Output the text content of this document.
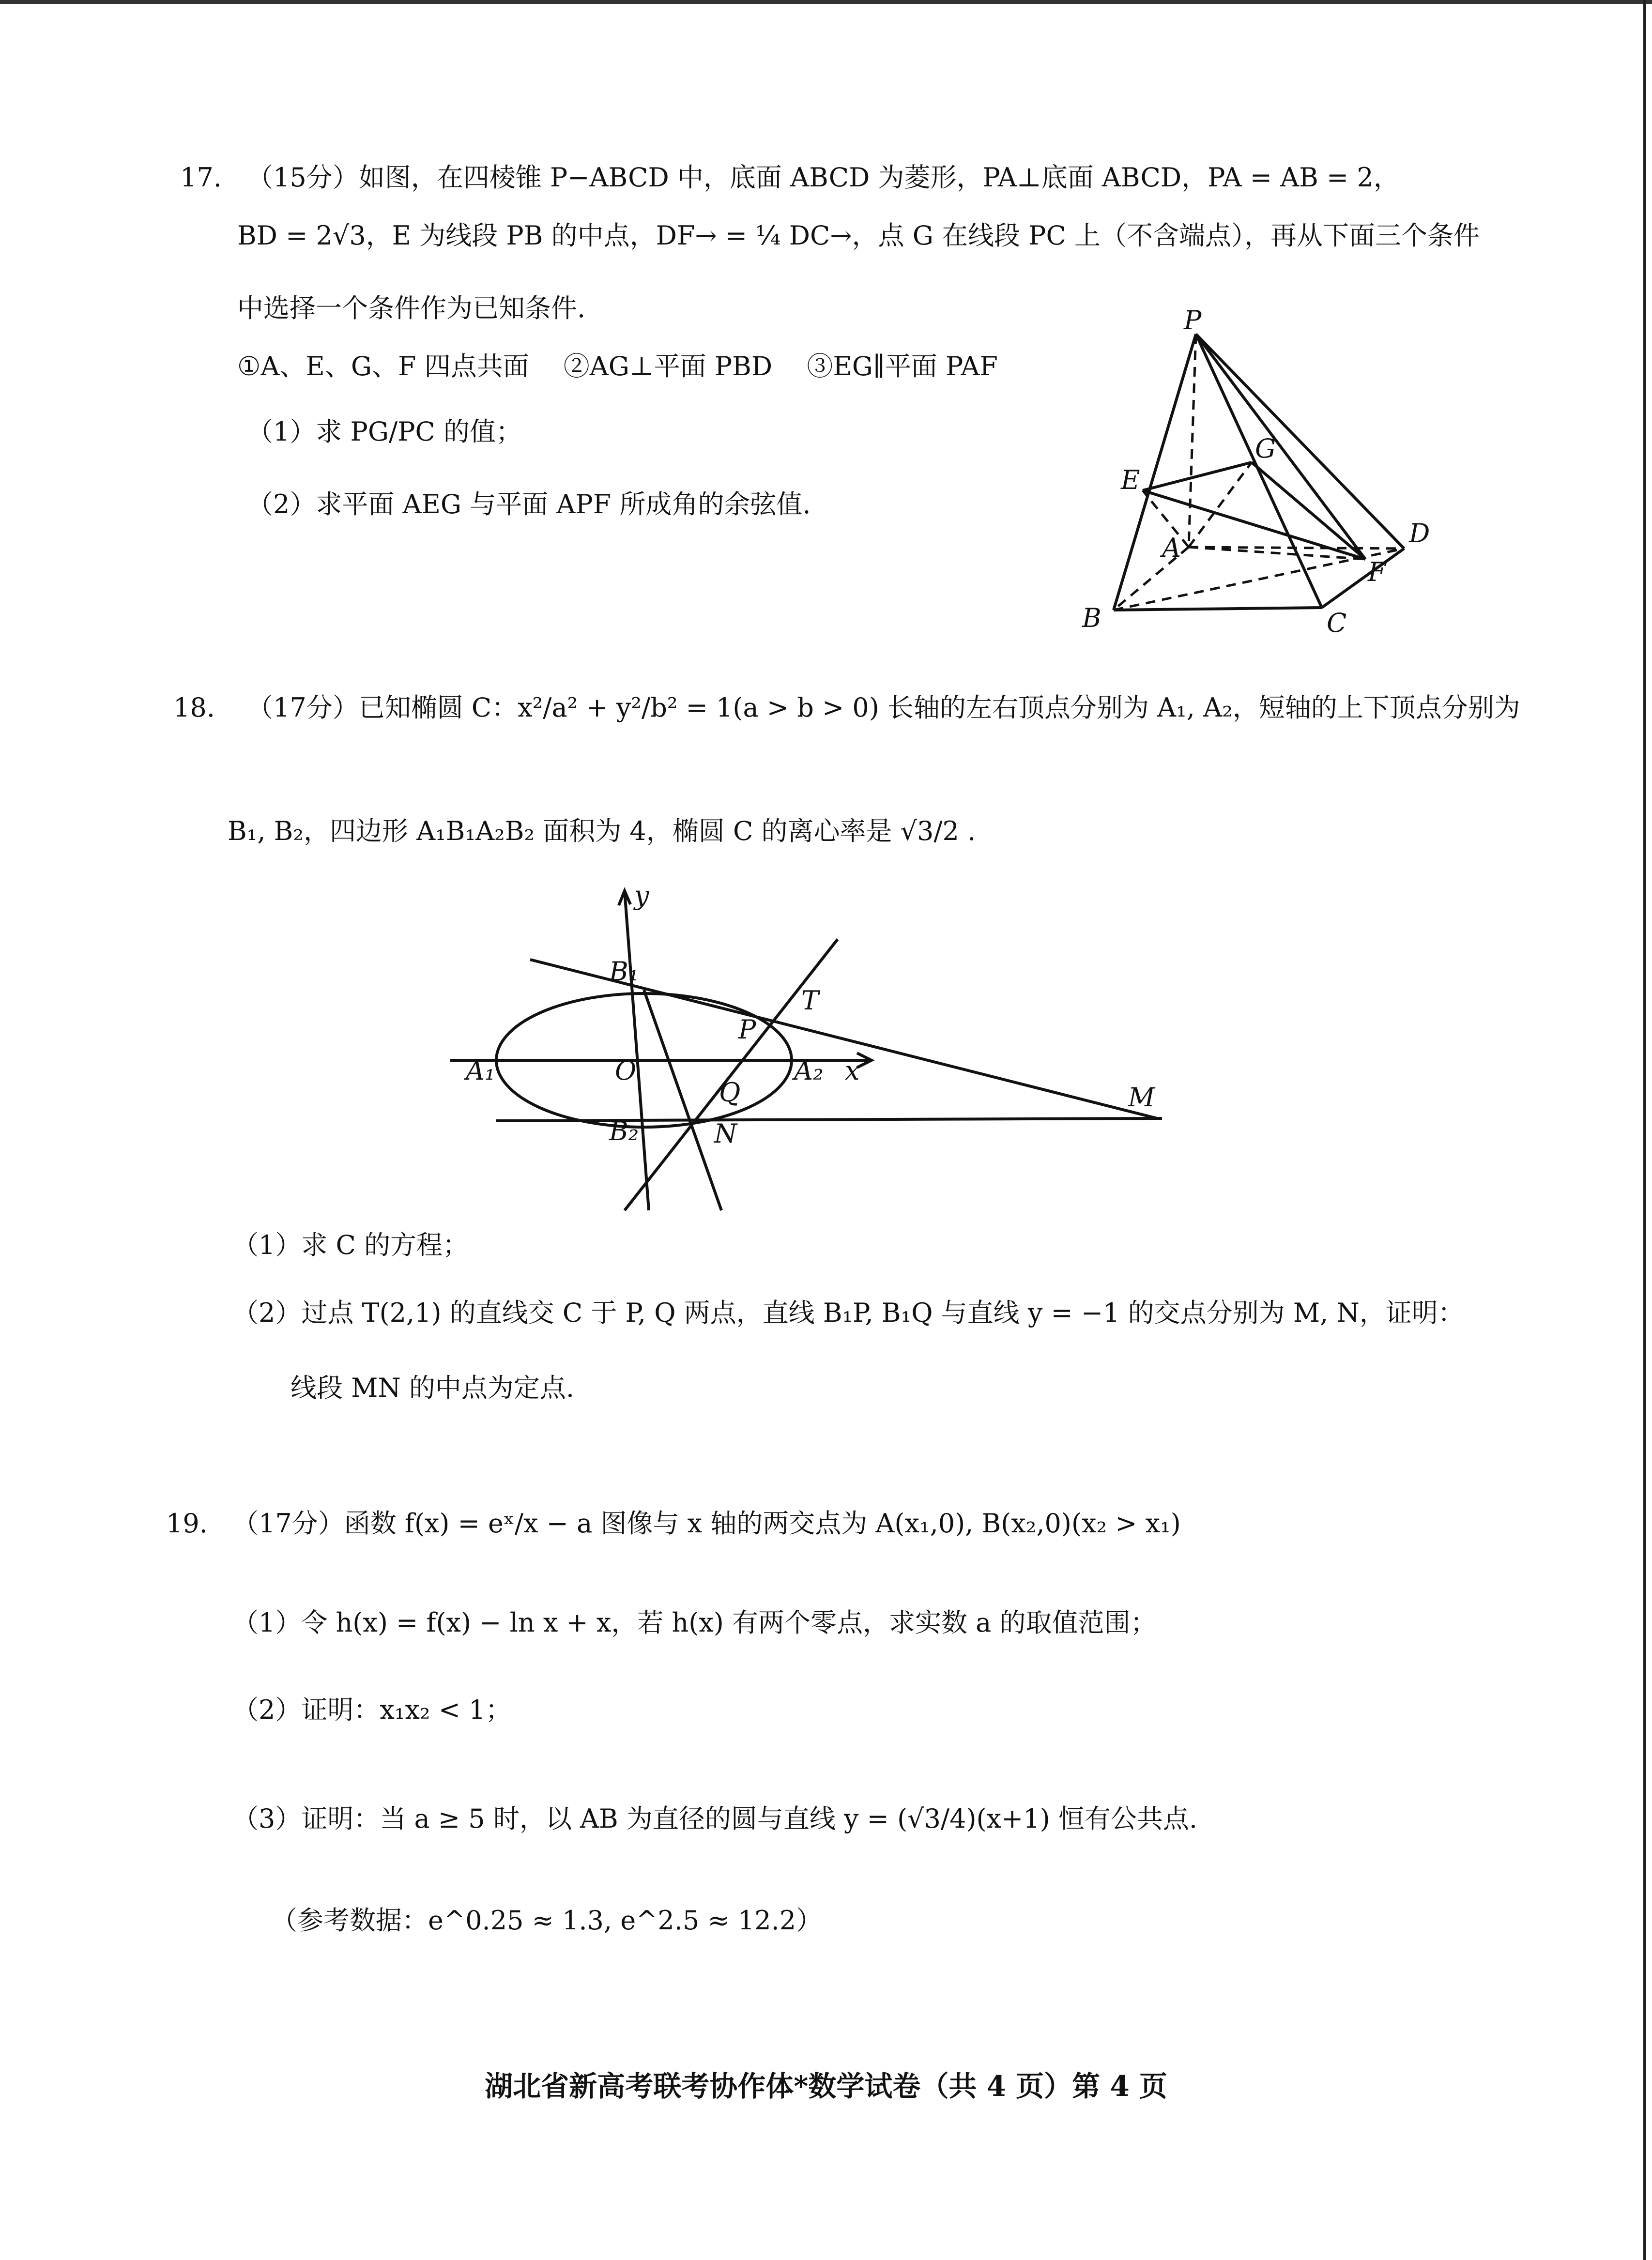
17. （15分）如图，在四棱锥 P−ABCD 中，底面 ABCD 为菱形，PA⊥底面 ABCD，PA = AB = 2，
BD = 2√3，E 为线段 PB 的中点，DF→ = ¼ DC→，点 G 在线段 PC 上（不含端点），再从下面三个条件
中选择一个条件作为已知条件.
①A、E、G、F 四点共面　 ②AG⊥平面 PBD　 ③EG∥平面 PAF
（1）求 PG/PC 的值；
（2）求平面 AEG 与平面 APF 所成角的余弦值.
P
E
G
A	D
F
B	C
18. （17分）已知椭圆 C：x²/a² + y²/b² = 1(a > b > 0) 长轴的左右顶点分别为 A₁, A₂，短轴的上下顶点分别为
B₁, B₂，四边形 A₁B₁A₂B₂ 面积为 4，椭圆 C 的离心率是 √3/2 .
y
x
B₁
B₂
A₁	A₂
O
P
Q
T
M
N
（1）求 C 的方程；
（2）过点 T(2,1) 的直线交 C 于 P, Q 两点，直线 B₁P, B₁Q 与直线 y = −1 的交点分别为 M, N，证明：
线段 MN 的中点为定点.
19. （17分）函数 f(x) = eˣ/x − a 图像与 x 轴的两交点为 A(x₁,0), B(x₂,0)(x₂ > x₁)
（1）令 h(x) = f(x) − ln x + x，若 h(x) 有两个零点，求实数 a 的取值范围；
（2）证明：x₁x₂ < 1；
（3）证明：当 a ≥ 5 时，以 AB 为直径的圆与直线 y = (√3/4)(x+1) 恒有公共点.
（参考数据：e^0.25 ≈ 1.3, e^2.5 ≈ 12.2）
湖北省新高考联考协作体*数学试卷（共 4 页）第 4 页
